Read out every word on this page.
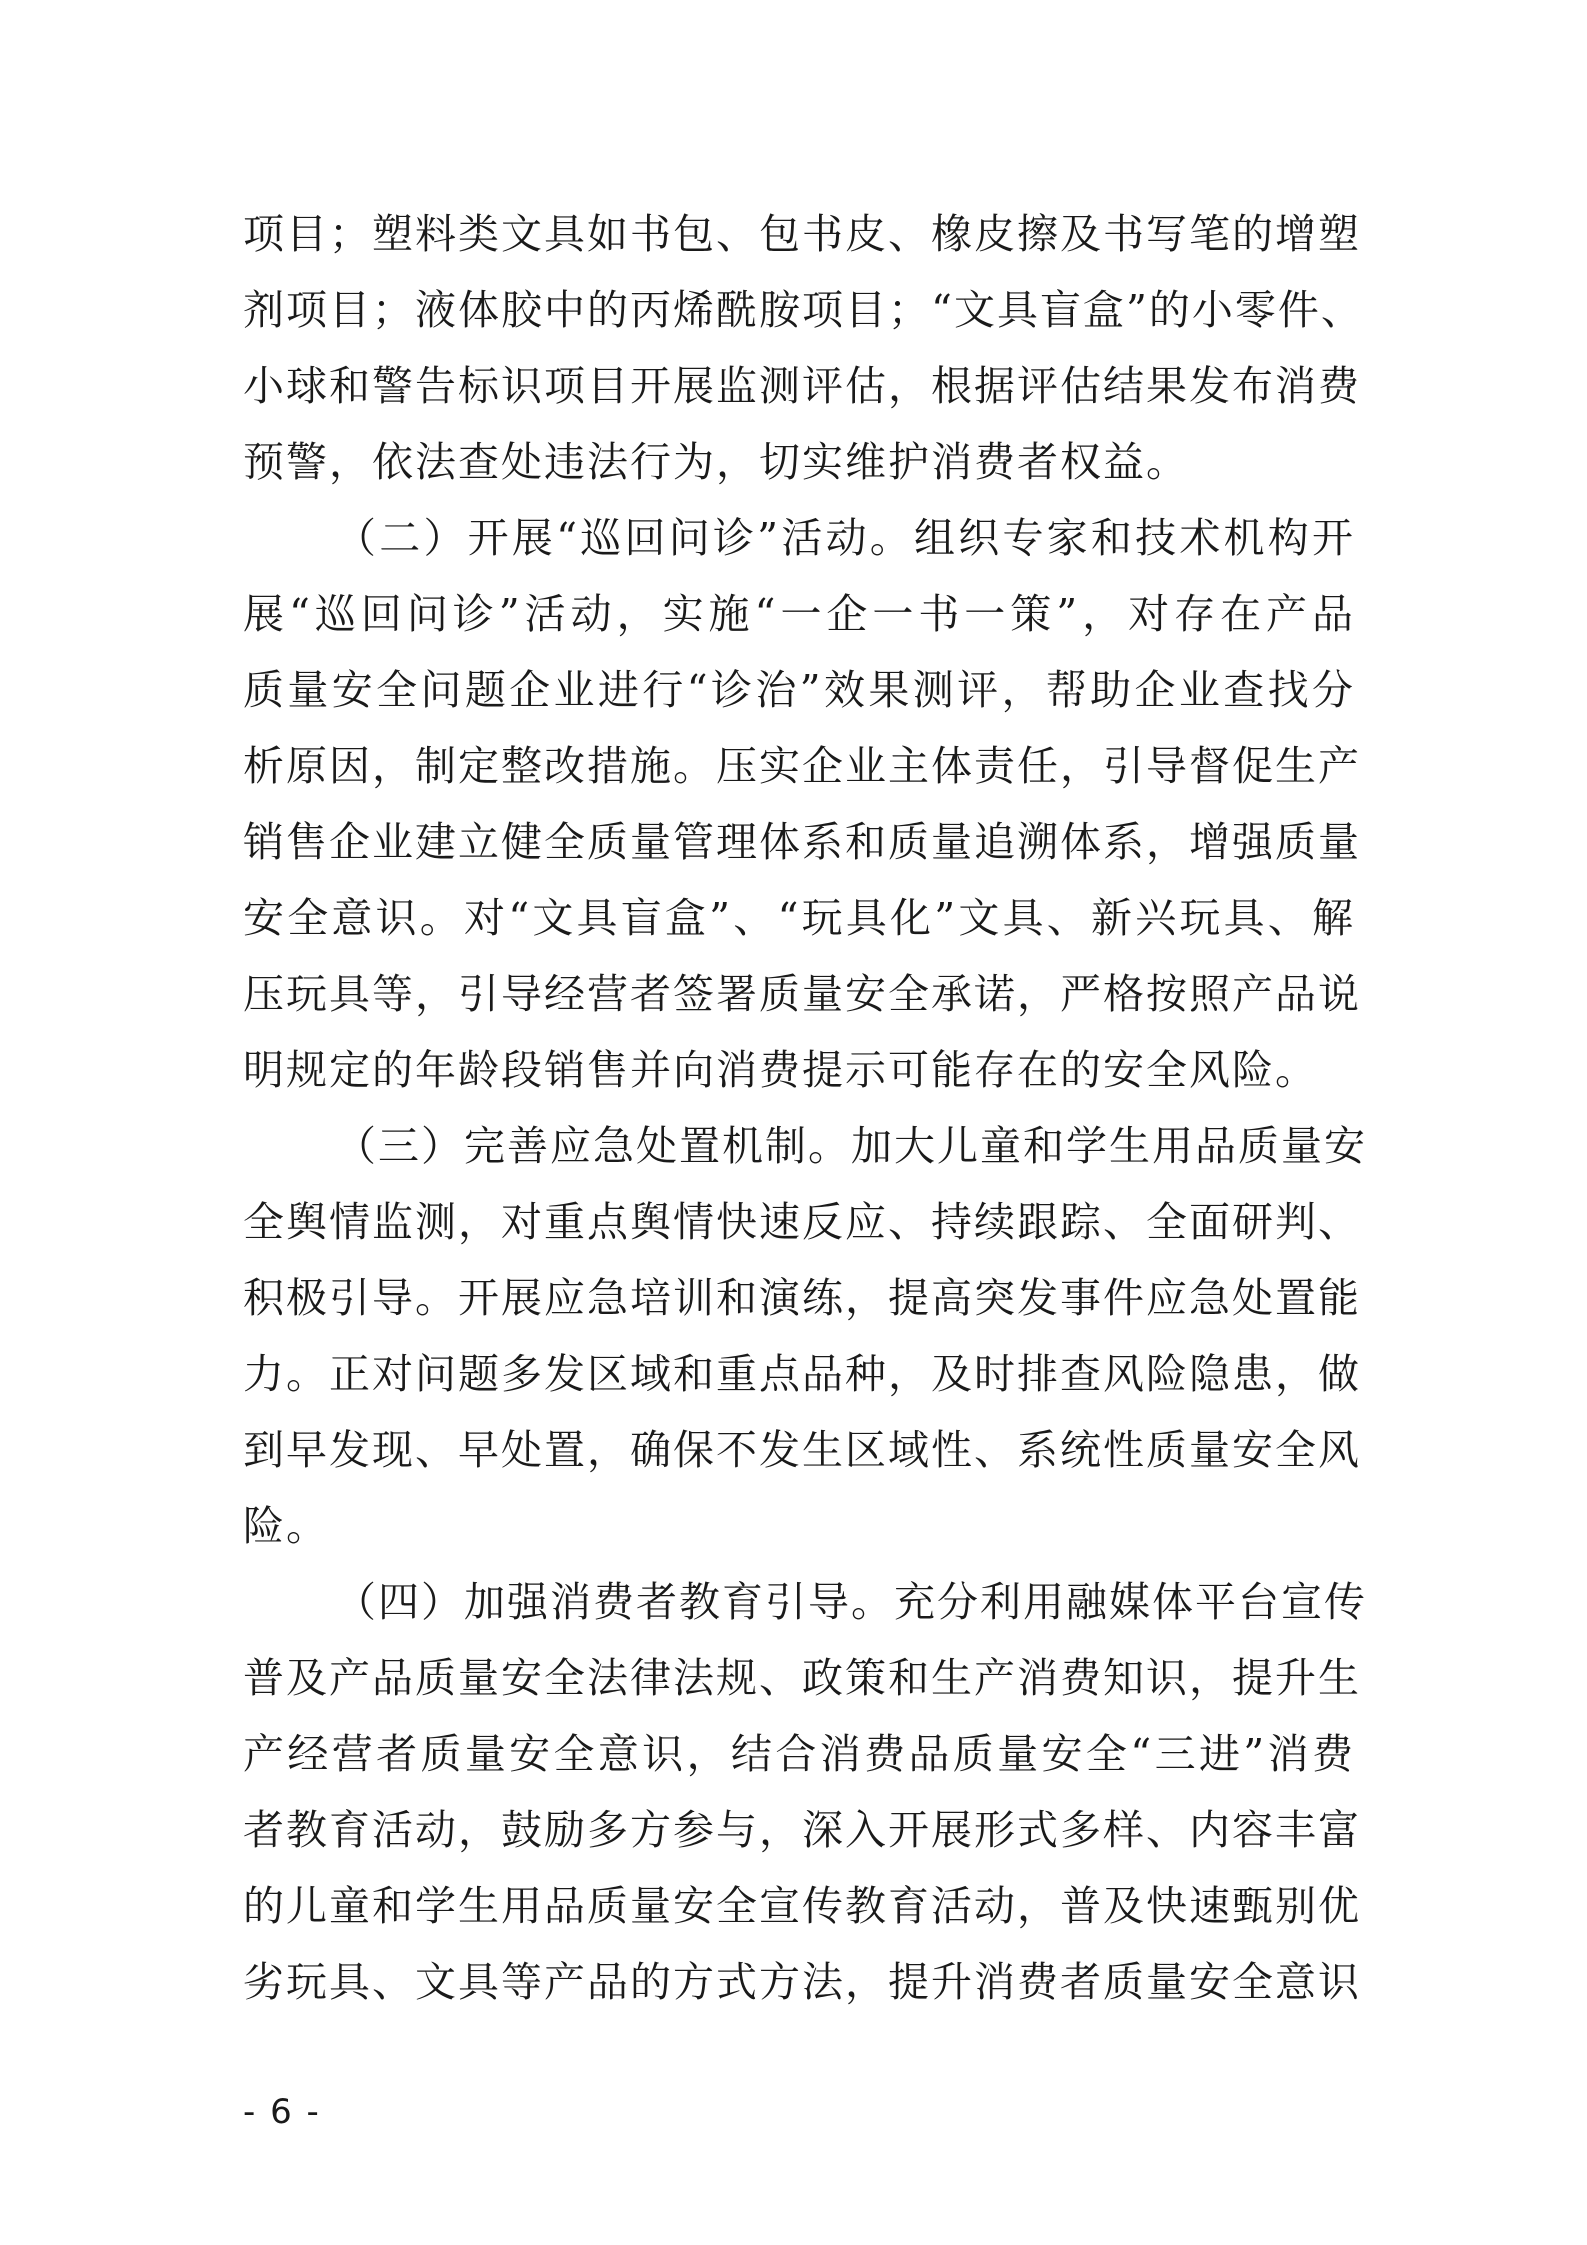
项目；塑料类文具如书包、包书皮、橡皮擦及书写笔的增塑
剂项目；液体胶中的丙烯酰胺项目；“文具盲盒”的小零件、
小球和警告标识项目开展监测评估，根据评估结果发布消费
预警，依法查处违法行为，切实维护消费者权益。
（二）开展“巡回问诊”活动。组织专家和技术机构开
展“巡回问诊”活动，实施“一企一书一策”，对存在产品
质量安全问题企业进行“诊治”效果测评，帮助企业查找分
析原因，制定整改措施。压实企业主体责任，引导督促生产
销售企业建立健全质量管理体系和质量追溯体系，增强质量
安全意识。对“文具盲盒”、“玩具化”文具、新兴玩具、解
压玩具等，引导经营者签署质量安全承诺，严格按照产品说
明规定的年龄段销售并向消费提示可能存在的安全风险。
（三）完善应急处置机制。加大儿童和学生用品质量安
全舆情监测，对重点舆情快速反应、持续跟踪、全面研判、
积极引导。开展应急培训和演练，提高突发事件应急处置能
力。正对问题多发区域和重点品种，及时排查风险隐患，做
到早发现、早处置，确保不发生区域性、系统性质量安全风
险。
（四）加强消费者教育引导。充分利用融媒体平台宣传
普及产品质量安全法律法规、政策和生产消费知识，提升生
产经营者质量安全意识，结合消费品质量安全“三进”消费
者教育活动，鼓励多方参与，深入开展形式多样、内容丰富
的儿童和学生用品质量安全宣传教育活动，普及快速甄别优
劣玩具、文具等产品的方式方法，提升消费者质量安全意识
- 6 -
